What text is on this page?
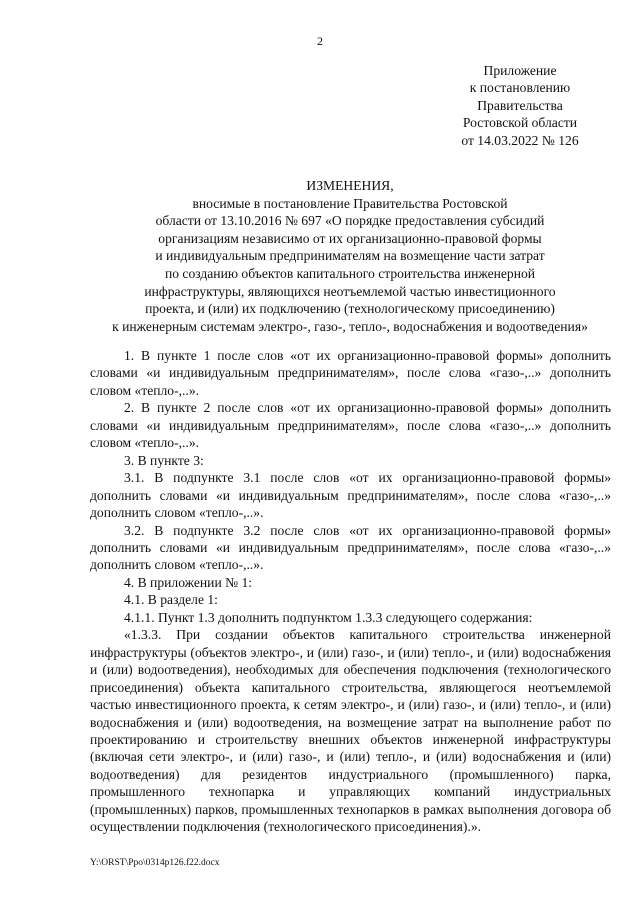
2
Приложение
к постановлению
Правительства
Ростовской области
от 14.03.2022 № 126
ИЗМЕНЕНИЯ,
вносимые в постановление Правительства Ростовской
области от 13.10.2016 № 697 «О порядке предоставления субсидий
организациям независимо от их организационно-правовой формы
и индивидуальным предпринимателям на возмещение части затрат
по созданию объектов капитального строительства инженерной
инфраструктуры, являющихся неотъемлемой частью инвестиционного
проекта, и (или) их подключению (технологическому присоединению)
к инженерным системам электро-, газо-, тепло-, водоснабжения и водоотведения»

1. В пункте 1 после слов «от их организационно-правовой формы» дополнить словами «и индивидуальным предпринимателям», после слова «газо-,..» дополнить словом «тепло-,..».

2. В пункте 2 после слов «от их организационно-правовой формы» дополнить словами «и индивидуальным предпринимателям», после слова «газо-,..» дополнить словом «тепло-,..».

3. В пункте 3:

3.1. В подпункте 3.1 после слов «от их организационно-правовой формы» дополнить словами «и индивидуальным предпринимателям», после слова «газо-,..» дополнить словом «тепло-,..».

3.2. В подпункте 3.2 после слов «от их организационно-правовой формы» дополнить словами «и индивидуальным предпринимателям», после слова «газо-,..» дополнить словом «тепло-,..».

4. В приложении № 1:

4.1. В разделе 1:

4.1.1. Пункт 1.3 дополнить подпунктом 1.3.3 следующего содержания:

«1.3.3. При создании объектов капитального строительства инженерной инфраструктуры (объектов электро-, и (или) газо-, и (или) тепло-, и (или) водоснабжения и (или) водоотведения), необходимых для обеспечения подключения (технологического присоединения) объекта капитального строительства, являющегося неотъемлемой частью инвестиционного проекта, к сетям электро-, и (или) газо-, и (или) тепло-, и (или) водоснабжения и (или) водоотведения, на возмещение затрат на выполнение работ по проектированию и строительству внешних объектов инженерной инфраструктуры (включая сети электро-, и (или) газо-, и (или) тепло-, и (или) водоснабжения и (или) водоотведения) для резидентов индустриального (промышленного) парка, промышленного технопарка и управляющих компаний индустриальных (промышленных) парков, промышленных технопарков в рамках выполнения договора об осуществлении подключения (технологического присоединения).».

Y:\ORST\Ppo\0314p126.f22.docx
